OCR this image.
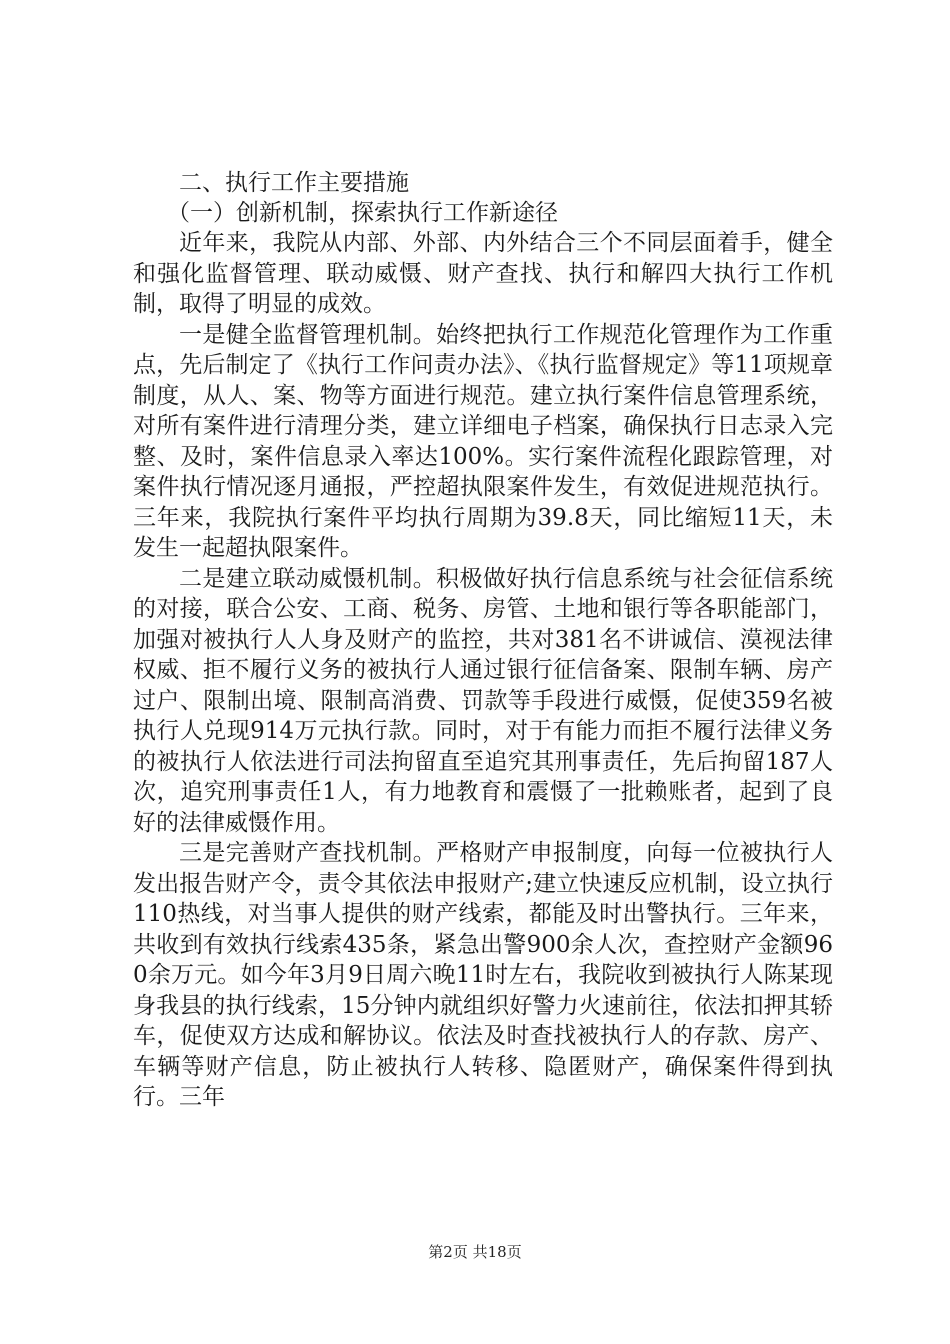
二、执行工作主要措施

（一）创新机制，探索执行工作新途径

近年来，我院从内部、外部、内外结合三个不同层面着手，健全和强化监督管理、联动威慑、财产查找、执行和解四大执行工作机制，取得了明显的成效。

一是健全监督管理机制。始终把执行工作规范化管理作为工作重点，先后制定了《执行工作问责办法》、《执行监督规定》等11项规章制度，从人、案、物等方面进行规范。建立执行案件信息管理系统，对所有案件进行清理分类，建立详细电子档案，确保执行日志录入完整、及时，案件信息录入率达100%。实行案件流程化跟踪管理，对案件执行情况逐月通报，严控超执限案件发生，有效促进规范执行。三年来，我院执行案件平均执行周期为39.8天，同比缩短11天，未发生一起超执限案件。

二是建立联动威慑机制。积极做好执行信息系统与社会征信系统的对接，联合公安、工商、税务、房管、土地和银行等各职能部门，加强对被执行人人身及财产的监控，共对381名不讲诚信、漠视法律权威、拒不履行义务的被执行人通过银行征信备案、限制车辆、房产过户、限制出境、限制高消费、罚款等手段进行威慑，促使359名被执行人兑现914万元执行款。同时，对于有能力而拒不履行法律义务的被执行人依法进行司法拘留直至追究其刑事责任，先后拘留187人次，追究刑事责任1人，有力地教育和震慑了一批赖账者，起到了良好的法律威慑作用。

三是完善财产查找机制。严格财产申报制度，向每一位被执行人发出报告财产令，责令其依法申报财产;建立快速反应机制，设立执行110热线，对当事人提供的财产线索，都能及时出警执行。三年来，共收到有效执行线索435条，紧急出警900余人次，查控财产金额960余万元。如今年3月9日周六晚11时左右，我院收到被执行人陈某现身我县的执行线索，15分钟内就组织好警力火速前往，依法扣押其轿车，促使双方达成和解协议。依法及时查找被执行人的存款、房产、车辆等财产信息，防止被执行人转移、隐匿财产，确保案件得到执行。三年

第2页 共18页
